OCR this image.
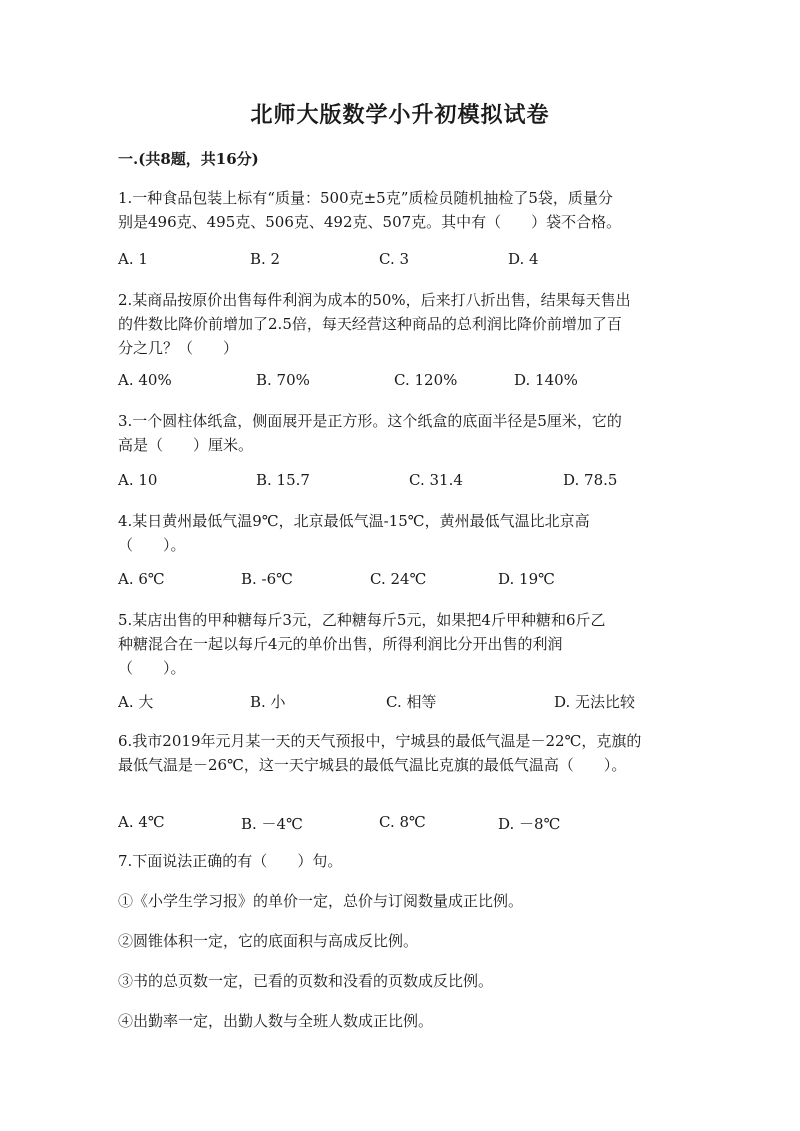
北师大版数学小升初模拟试卷
一.(共8题，共16分)
1.一种食品包装上标有“质量：500克±5克”质检员随机抽检了5袋，质量分
别是496克、495克、506克、492克、507克。其中有（　　）袋不合格。
A. 1	B. 2	C. 3	D. 4
2.某商品按原价出售每件利润为成本的50%，后来打八折出售，结果每天售出
的件数比降价前增加了2.5倍，每天经营这种商品的总利润比降价前增加了百
分之几？（　　）
A. 40%	B. 70%	C. 120%	D. 140%
3.一个圆柱体纸盒，侧面展开是正方形。这个纸盒的底面半径是5厘米，它的
高是（　　）厘米。
A. 10	B. 15.7	C. 31.4	D. 78.5
4.某日黄州最低气温9℃，北京最低气温-15℃，黄州最低气温比北京高
（　　）。
A. 6℃	B. -6℃	C. 24℃	D. 19℃
5.某店出售的甲种糖每斤3元，乙种糖每斤5元，如果把4斤甲种糖和6斤乙
种糖混合在一起以每斤4元的单价出售，所得利润比分开出售的利润
（　　）。
A. 大	B. 小	C. 相等	D. 无法比较
6.我市2019年元月某一天的天气预报中，宁城县的最低气温是－22℃，克旗的
最低气温是－26℃，这一天宁城县的最低气温比克旗的最低气温高（　　）。
A. 4℃	B. －4℃	C. 8℃	D. －8℃
7.下面说法正确的有（　　）句。
①《小学生学习报》的单价一定，总价与订阅数量成正比例。
②圆锥体积一定，它的底面积与高成反比例。
③书的总页数一定，已看的页数和没看的页数成反比例。
④出勤率一定，出勤人数与全班人数成正比例。
